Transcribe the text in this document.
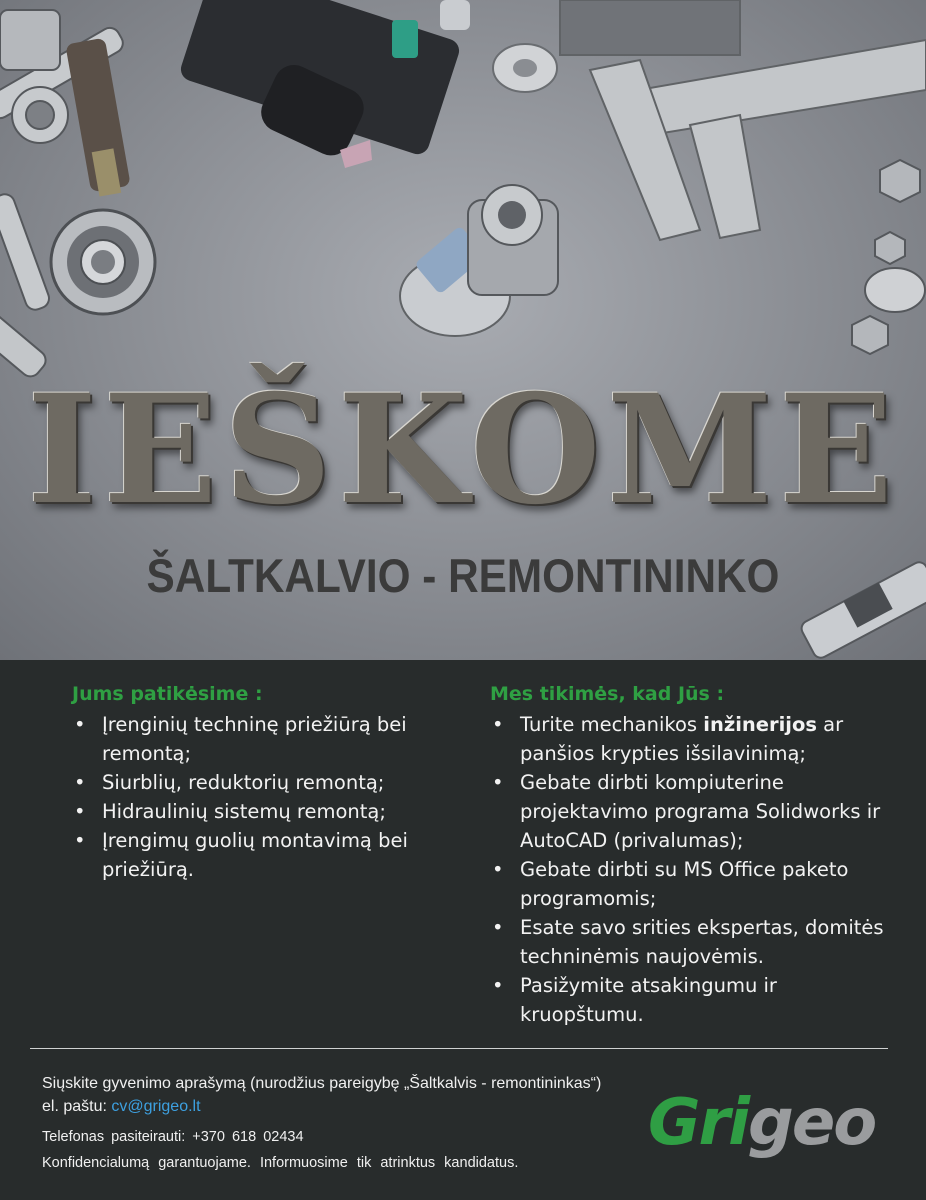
IEŠKOME
ŠALTKALVIO - REMONTININKO
Jums patikėsime :
• Įrenginių techninę priežiūrą bei remontą;
• Siurblių, reduktorių remontą;
• Hidraulinių sistemų remontą;
• Įrengimų guolių montavimą bei priežiūrą.
Mes tikimės, kad Jūs :
• Turite mechanikos inžinerijos ar panšios krypties išsilavinimą;
• Gebate dirbti kompiuterine projektavimo programa Solidworks ir AutoCAD (privalumas);
• Gebate dirbti su MS Office paketo programomis;
• Esate savo srities ekspertas, domitės techninėmis naujovėmis.
• Pasižymite atsakingumu ir kruopštumu.

Siųskite gyvenimo aprašymą (nurodžius pareigybę „Šaltkalvis - remontininkas“) el. paštu: cv@grigeo.lt

Telefonas pasiteirauti: +370 618 02434

Konfidencialumą garantuojame. Informuosime tik atrinktus kandidatus.

Grigeo
